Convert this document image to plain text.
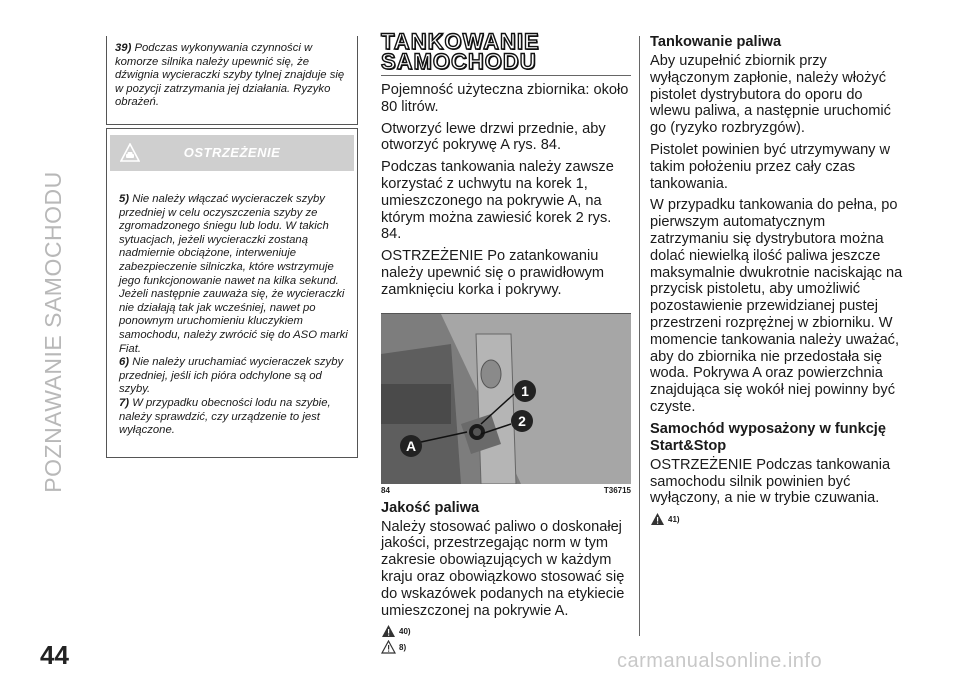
POZNAWANIE SAMOCHODU
44	carmanualsonline.info

39) Podczas wykonywania czynności w komorze silnika należy upewnić się, że dźwignia wycieraczki szyby tylnej znajduje się w pozycji zatrzymania jej działania. Ryzyko obrażeń.

OSTRZEŻENIE

5) Nie należy włączać wycieraczek szyby przedniej w celu oczyszczenia szyby ze zgromadzonego śniegu lub lodu. W takich sytuacjach, jeżeli wycieraczki zostaną nadmiernie obciążone, interweniuje zabezpieczenie silniczka, które wstrzymuje jego funkcjonowanie nawet na kilka sekund. Jeżeli następnie zauważa się, że wycieraczki nie działają tak jak wcześniej, nawet po ponownym uruchomieniu kluczykiem samochodu, należy zwrócić się do ASO marki Fiat.

6) Nie należy uruchamiać wycieraczek szyby przedniej, jeśli ich pióra odchylone są od szyby.

7) W przypadku obecności lodu na szybie, należy sprawdzić, czy urządzenie to jest wyłączone.

TANKOWANIE
SAMOCHODU

Pojemność użyteczna zbiornika: około 80 litrów.

Otworzyć lewe drzwi przednie, aby otworzyć pokrywę A rys. 84.

Podczas tankowania należy zawsze korzystać z uchwytu na korek 1, umieszczonego na pokrywie A, na którym można zawiesić korek 2 rys. 84.

OSTRZEŻENIE Po zatankowaniu należy upewnić się o prawidłowym zamknięciu korka i pokrywy.

1
2
A
84	T36715

Jakość paliwa

Należy stosować paliwo o doskonałej jakości, przestrzegając norm w tym zakresie obowiązujących w każdym kraju oraz obowiązkowo stosować się do wskazówek podanych na etykiecie umieszczonej na pokrywie A.

40)
8)

Tankowanie paliwa

Aby uzupełnić zbiornik przy wyłączonym zapłonie, należy włożyć pistolet dystrybutora do oporu do wlewu paliwa, a następnie uruchomić go (ryzyko rozbryzgów).

Pistolet powinien być utrzymywany w takim położeniu przez cały czas tankowania.

W przypadku tankowania do pełna, po pierwszym automatycznym zatrzymaniu się dystrybutora można dolać niewielką ilość paliwa jeszcze maksymalnie dwukrotnie naciskając na przycisk pistoletu, aby umożliwić pozostawienie przewidzianej pustej przestrzeni rozprężnej w zbiorniku. W momencie tankowania należy uważać, aby do zbiornika nie przedostała się woda. Pokrywa A oraz powierzchnia znajdująca się wokół niej powinny być czyste.

Samochód wyposażony w funkcję Start&Stop

OSTRZEŻENIE Podczas tankowania samochodu silnik powinien być wyłączony, a nie w trybie czuwania.

41)
